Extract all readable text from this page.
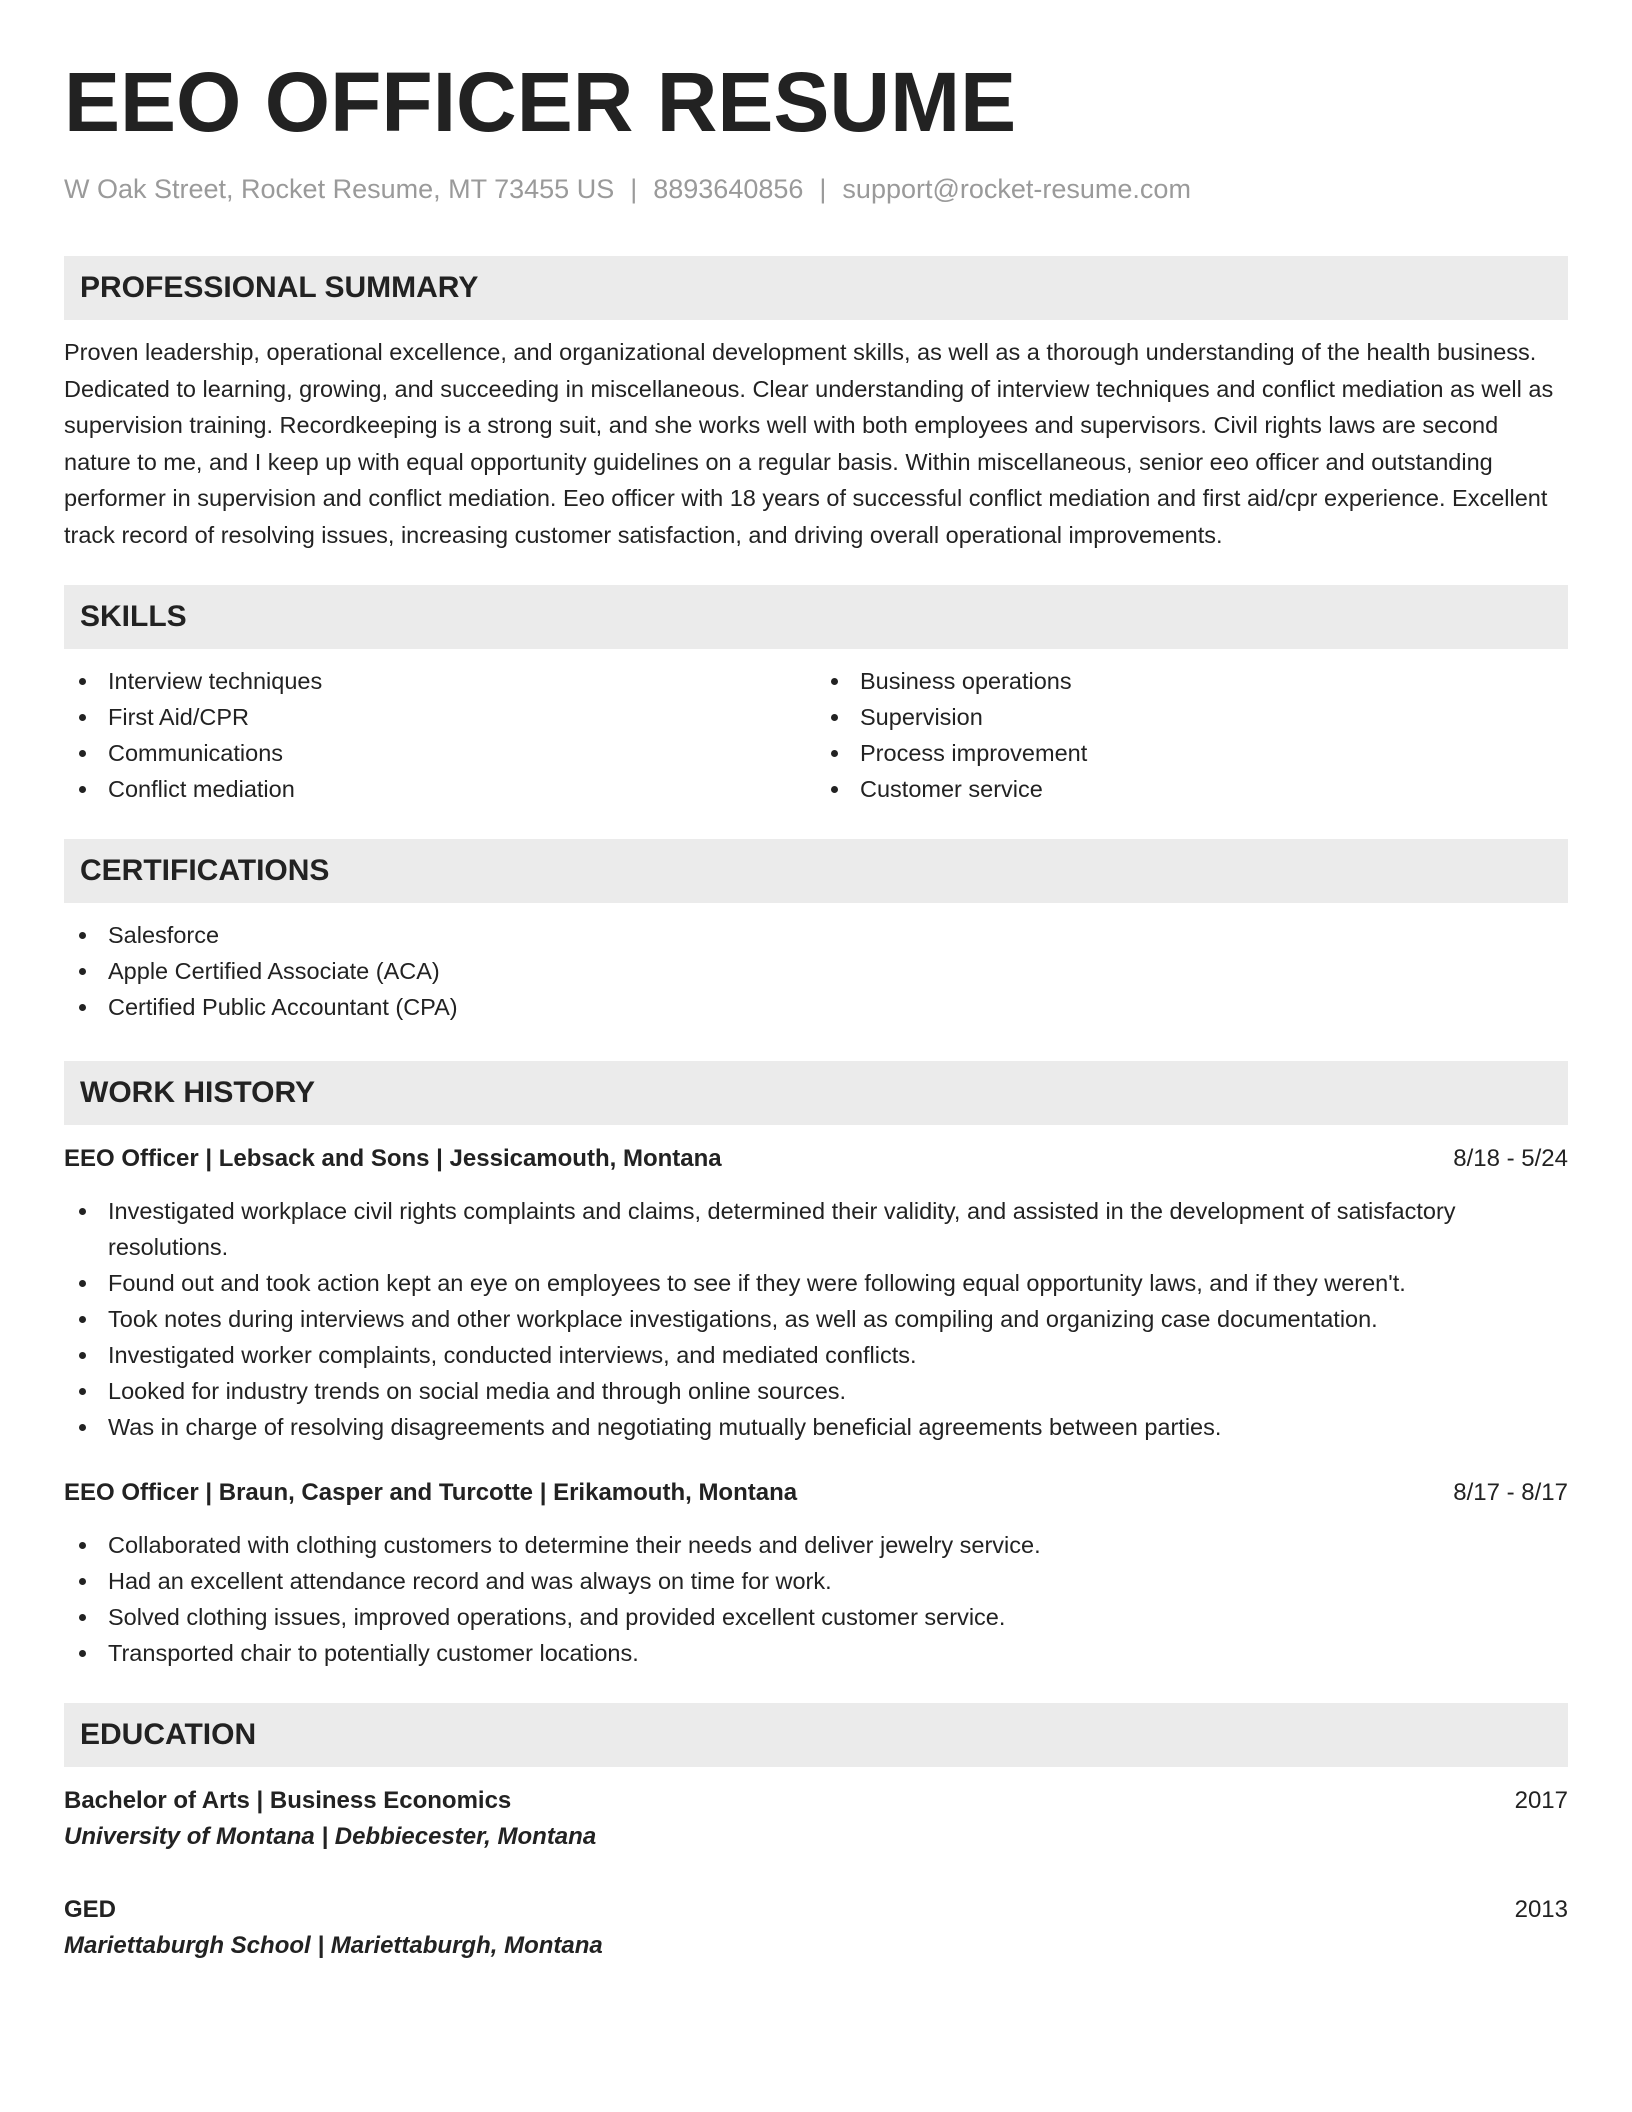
EEO OFFICER RESUME
W Oak Street, Rocket Resume, MT 73455 US | 8893640856 | support@rocket-resume.com
PROFESSIONAL SUMMARY

Proven leadership, operational excellence, and organizational development skills, as well as a thorough understanding of the health business. Dedicated to learning, growing, and succeeding in miscellaneous. Clear understanding of interview techniques and conflict mediation as well as supervision training. Recordkeeping is a strong suit, and she works well with both employees and supervisors. Civil rights laws are second nature to me, and I keep up with equal opportunity guidelines on a regular basis. Within miscellaneous, senior eeo officer and outstanding performer in supervision and conflict mediation. Eeo officer with 18 years of successful conflict mediation and first aid/cpr experience. Excellent track record of resolving issues, increasing customer satisfaction, and driving overall operational improvements.

SKILLS
Interview techniques
First Aid/CPR
Communications
Conflict mediation
Business operations
Supervision
Process improvement
Customer service
CERTIFICATIONS
Salesforce
Apple Certified Associate (ACA)
Certified Public Accountant (CPA)
WORK HISTORY
EEO Officer | Lebsack and Sons | Jessicamouth, Montana	8/18 - 5/24
Investigated workplace civil rights complaints and claims, determined their validity, and assisted in the development of satisfactory resolutions.
Found out and took action kept an eye on employees to see if they were following equal opportunity laws, and if they weren't.
Took notes during interviews and other workplace investigations, as well as compiling and organizing case documentation.
Investigated worker complaints, conducted interviews, and mediated conflicts.
Looked for industry trends on social media and through online sources.
Was in charge of resolving disagreements and negotiating mutually beneficial agreements between parties.
EEO Officer | Braun, Casper and Turcotte | Erikamouth, Montana	8/17 - 8/17
Collaborated with clothing customers to determine their needs and deliver jewelry service.
Had an excellent attendance record and was always on time for work.
Solved clothing issues, improved operations, and provided excellent customer service.
Transported chair to potentially customer locations.
EDUCATION
Bachelor of Arts | Business Economics	2017
University of Montana | Debbiecester, Montana
GED	2013
Mariettaburgh School | Mariettaburgh, Montana
